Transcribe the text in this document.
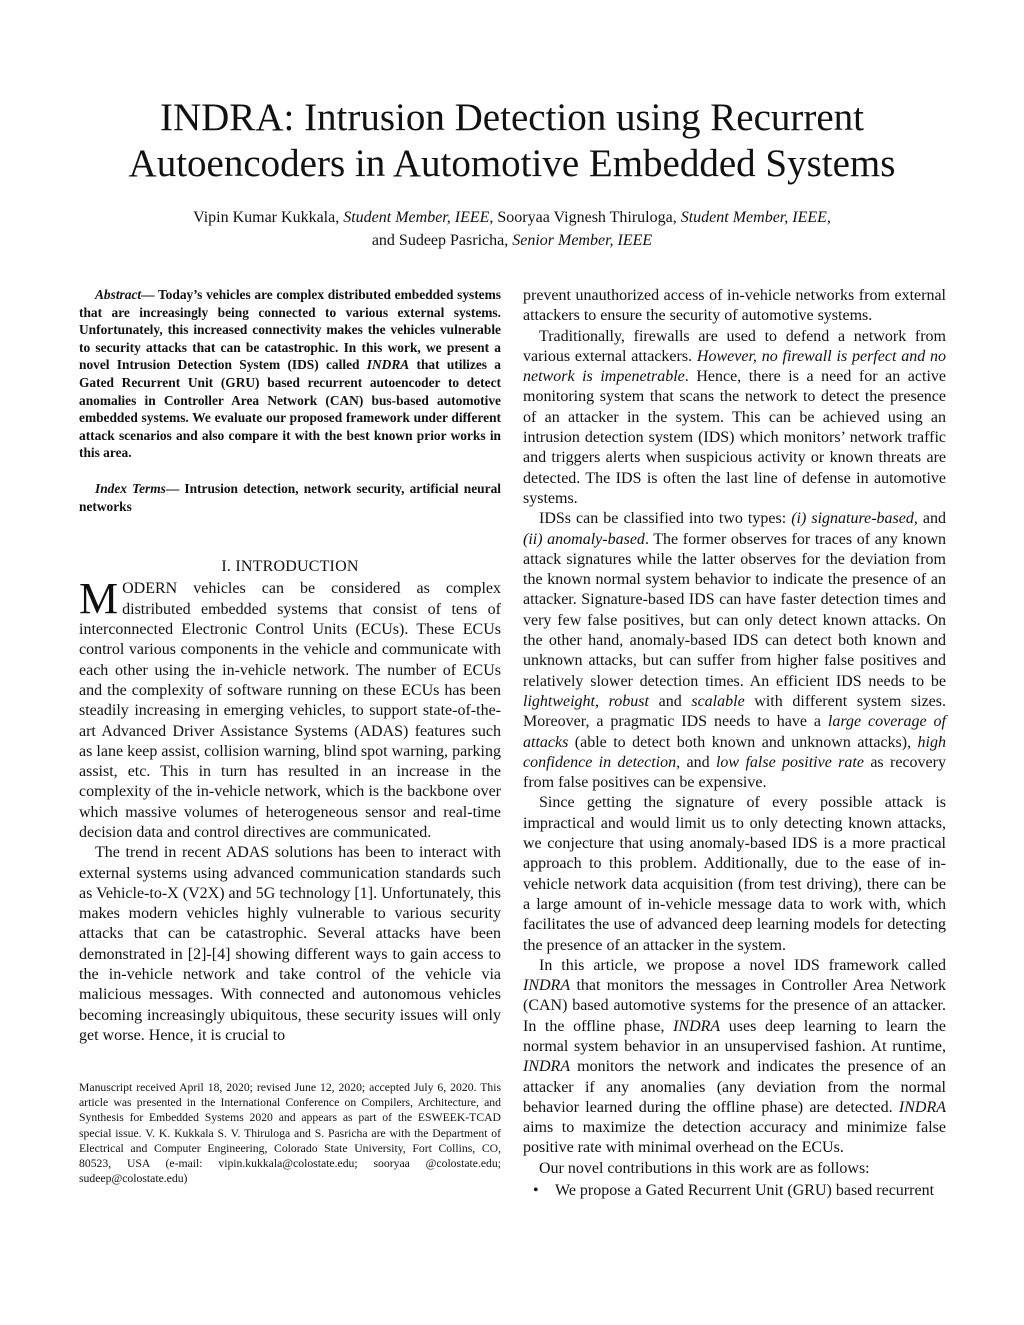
INDRA: Intrusion Detection using Recurrent
Autoencoders in Automotive Embedded Systems
Vipin Kumar Kukkala, Student Member, IEEE, Sooryaa Vignesh Thiruloga, Student Member, IEEE,
and Sudeep Pasricha, Senior Member, IEEE

Abstract— Today’s vehicles are complex distributed embedded systems that are increasingly being connected to various external systems. Unfortunately, this increased connectivity makes the vehicles vulnerable to security attacks that can be catastrophic. In this work, we present a novel Intrusion Detection System (IDS) called INDRA that utilizes a Gated Recurrent Unit (GRU) based recurrent autoencoder to detect anomalies in Controller Area Network (CAN) bus-based automotive embedded systems. We evaluate our proposed framework under different attack scenarios and also compare it with the best known prior works in this area.

Index Terms— Intrusion detection, network security, artificial neural networks

I. INTRODUCTION

MODERN vehicles can be considered as complex distributed embedded systems that consist of tens of interconnected Electronic Control Units (ECUs). These ECUs control various components in the vehicle and communicate with each other using the in-vehicle network. The number of ECUs and the complexity of software running on these ECUs has been steadily increasing in emerging vehicles, to support state-of-the-art Advanced Driver Assistance Systems (ADAS) features such as lane keep assist, collision warning, blind spot warning, parking assist, etc. This in turn has resulted in an increase in the complexity of the in-vehicle network, which is the backbone over which massive volumes of heterogeneous sensor and real-time decision data and control directives are communicated.

The trend in recent ADAS solutions has been to interact with external systems using advanced communication standards such as Vehicle-to-X (V2X) and 5G technology [1]. Unfortunately, this makes modern vehicles highly vulnerable to various security attacks that can be catastrophic. Several attacks have been demonstrated in [2]-[4] showing different ways to gain access to the in-vehicle network and take control of the vehicle via malicious messages. With connected and autonomous vehicles becoming increasingly ubiquitous, these security issues will only get worse. Hence, it is crucial to

Manuscript received April 18, 2020; revised June 12, 2020; accepted July 6, 2020. This article was presented in the International Conference on Compilers, Architecture, and Synthesis for Embedded Systems 2020 and appears as part of the ESWEEK-TCAD special issue. V. K. Kukkala S. V. Thiruloga and S. Pasricha are with the Department of Electrical and Computer Engineering, Colorado State University, Fort Collins, CO, 80523, USA (e-mail: vipin.kukkala@colostate.edu; sooryaa @colostate.edu; sudeep@colostate.edu)

prevent unauthorized access of in-vehicle networks from external attackers to ensure the security of automotive systems.

Traditionally, firewalls are used to defend a network from various external attackers. However, no firewall is perfect and no network is impenetrable. Hence, there is a need for an active monitoring system that scans the network to detect the presence of an attacker in the system. This can be achieved using an intrusion detection system (IDS) which monitors’ network traffic and triggers alerts when suspicious activity or known threats are detected. The IDS is often the last line of defense in automotive systems.

IDSs can be classified into two types: (i) signature-based, and (ii) anomaly-based. The former observes for traces of any known attack signatures while the latter observes for the deviation from the known normal system behavior to indicate the presence of an attacker. Signature-based IDS can have faster detection times and very few false positives, but can only detect known attacks. On the other hand, anomaly-based IDS can detect both known and unknown attacks, but can suffer from higher false positives and relatively slower detection times. An efficient IDS needs to be lightweight, robust and scalable with different system sizes. Moreover, a pragmatic IDS needs to have a large coverage of attacks (able to detect both known and unknown attacks), high confidence in detection, and low false positive rate as recovery from false positives can be expensive.

Since getting the signature of every possible attack is impractical and would limit us to only detecting known attacks, we conjecture that using anomaly-based IDS is a more practical approach to this problem. Additionally, due to the ease of in-vehicle network data acquisition (from test driving), there can be a large amount of in-vehicle message data to work with, which facilitates the use of advanced deep learning models for detecting the presence of an attacker in the system.

In this article, we propose a novel IDS framework called INDRA that monitors the messages in Controller Area Network (CAN) based automotive systems for the presence of an attacker. In the offline phase, INDRA uses deep learning to learn the normal system behavior in an unsupervised fashion. At runtime, INDRA monitors the network and indicates the presence of an attacker if any anomalies (any deviation from the normal behavior learned during the offline phase) are detected. INDRA aims to maximize the detection accuracy and minimize false positive rate with minimal overhead on the ECUs.

Our novel contributions in this work are as follows:

• We propose a Gated Recurrent Unit (GRU) based recurrent
